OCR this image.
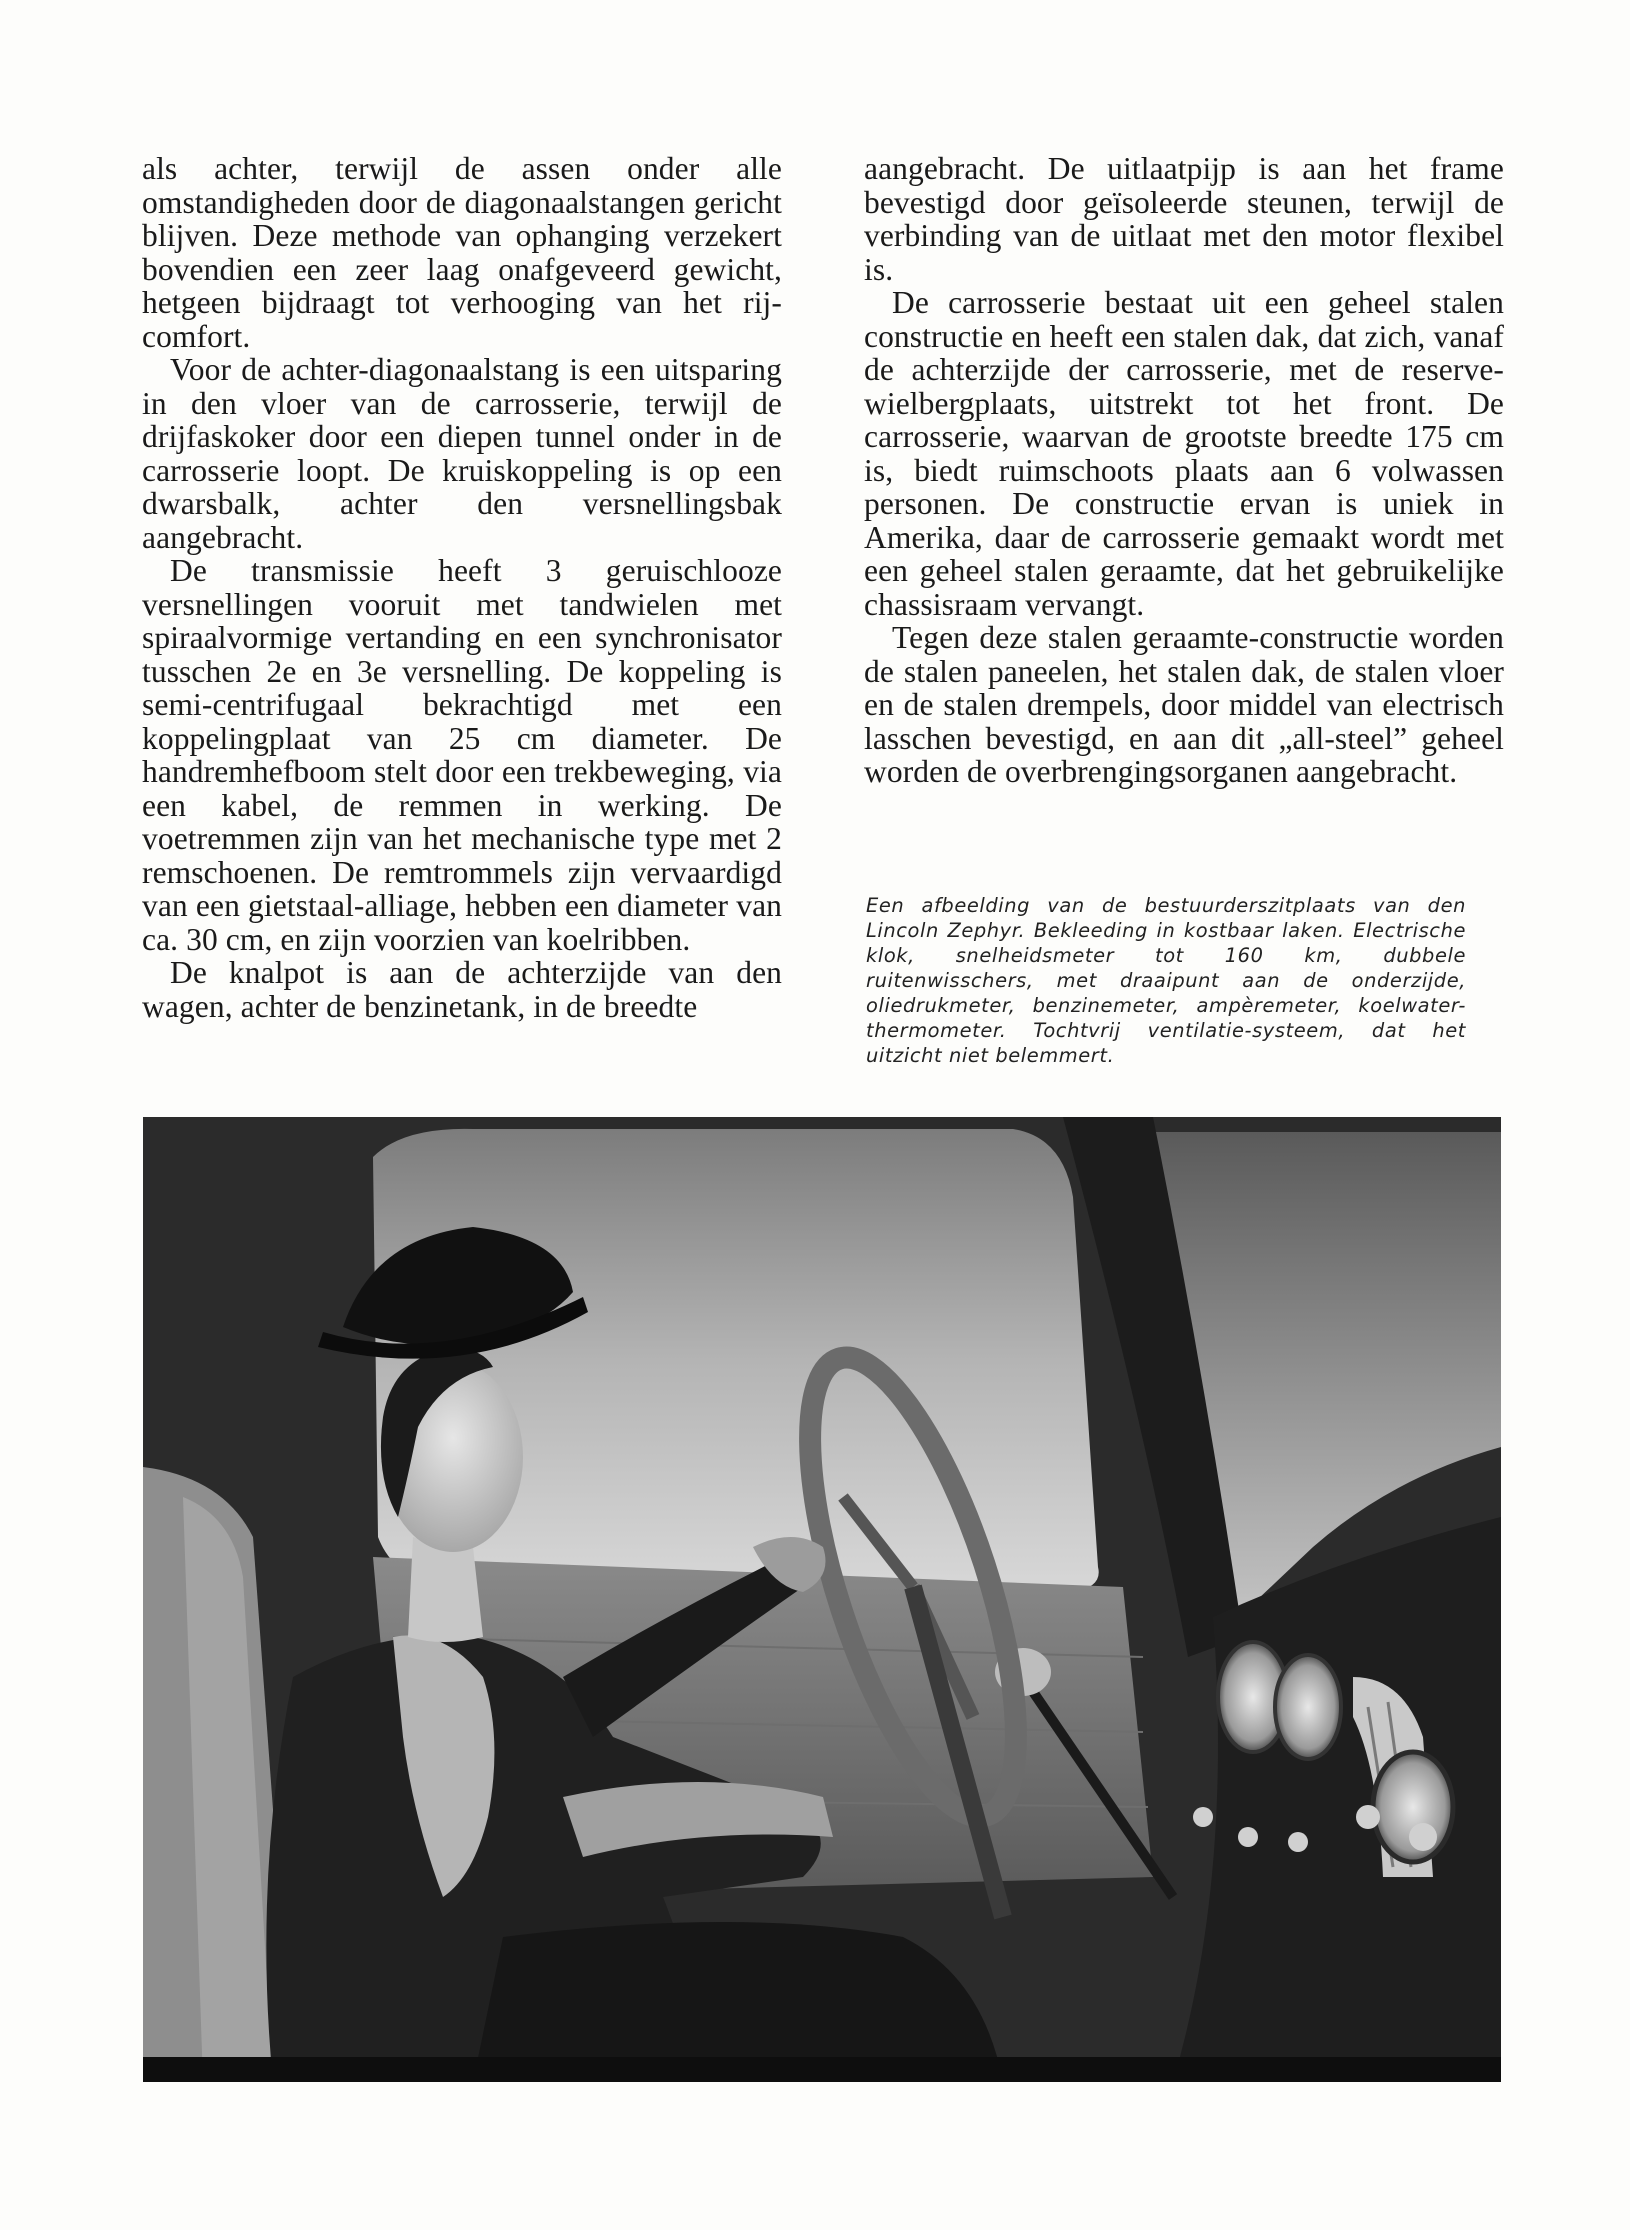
als achter, terwijl de assen onder alle omstandigheden door de diagonaalstangen gericht blijven. Deze methode van ophanging verzekert bovendien een zeer laag onafgeveerd gewicht, hetgeen bijdraagt tot verhooging van het rij-comfort.

Voor de achter-diagonaalstang is een uitsparing in den vloer van de carrosserie, terwijl de drijfaskoker door een diepen tunnel onder in de carrosserie loopt. De kruiskoppeling is op een dwarsbalk, achter den versnellingsbak aangebracht.

De transmissie heeft 3 geruischlooze versnellingen vooruit met tandwielen met spiraalvormige vertanding en een synchronisator tusschen 2e en 3e versnelling. De koppeling is semi-centrifugaal bekrachtigd met een koppelingplaat van 25 cm diameter. De handremhefboom stelt door een trekbeweging, via een kabel, de remmen in werking. De voetremmen zijn van het mechanische type met 2 remschoenen. De remtrommels zijn vervaardigd van een gietstaal-alliage, hebben een diameter van ca. 30 cm, en zijn voorzien van koelribben.

De knalpot is aan de achterzijde van den wagen, achter de benzinetank, in de breedte

aangebracht. De uitlaatpijp is aan het frame bevestigd door geïsoleerde steunen, terwijl de verbinding van de uitlaat met den motor flexibel is.

De carrosserie bestaat uit een geheel stalen constructie en heeft een stalen dak, dat zich, vanaf de achterzijde der carrosserie, met de reserve-wielbergplaats, uitstrekt tot het front. De carrosserie, waarvan de grootste breedte 175 cm is, biedt ruimschoots plaats aan 6 volwassen personen. De constructie ervan is uniek in Amerika, daar de carrosserie gemaakt wordt met een geheel stalen geraamte, dat het gebruikelijke chassisraam vervangt.

Tegen deze stalen geraamte-constructie worden de stalen paneelen, het stalen dak, de stalen vloer en de stalen drempels, door middel van electrisch lasschen bevestigd, en aan dit „all-steel” geheel worden de overbrengingsorganen aangebracht.

Een afbeelding van de bestuurderszitplaats van den Lincoln Zephyr. Bekleeding in kostbaar laken. Electrische klok, snelheidsmeter tot 160 km, dubbele ruitenwisschers, met draaipunt aan de onderzijde, oliedrukmeter, benzinemeter, ampèremeter, koelwater-thermometer. Tochtvrij ventilatie-systeem, dat het uitzicht niet belemmert.
